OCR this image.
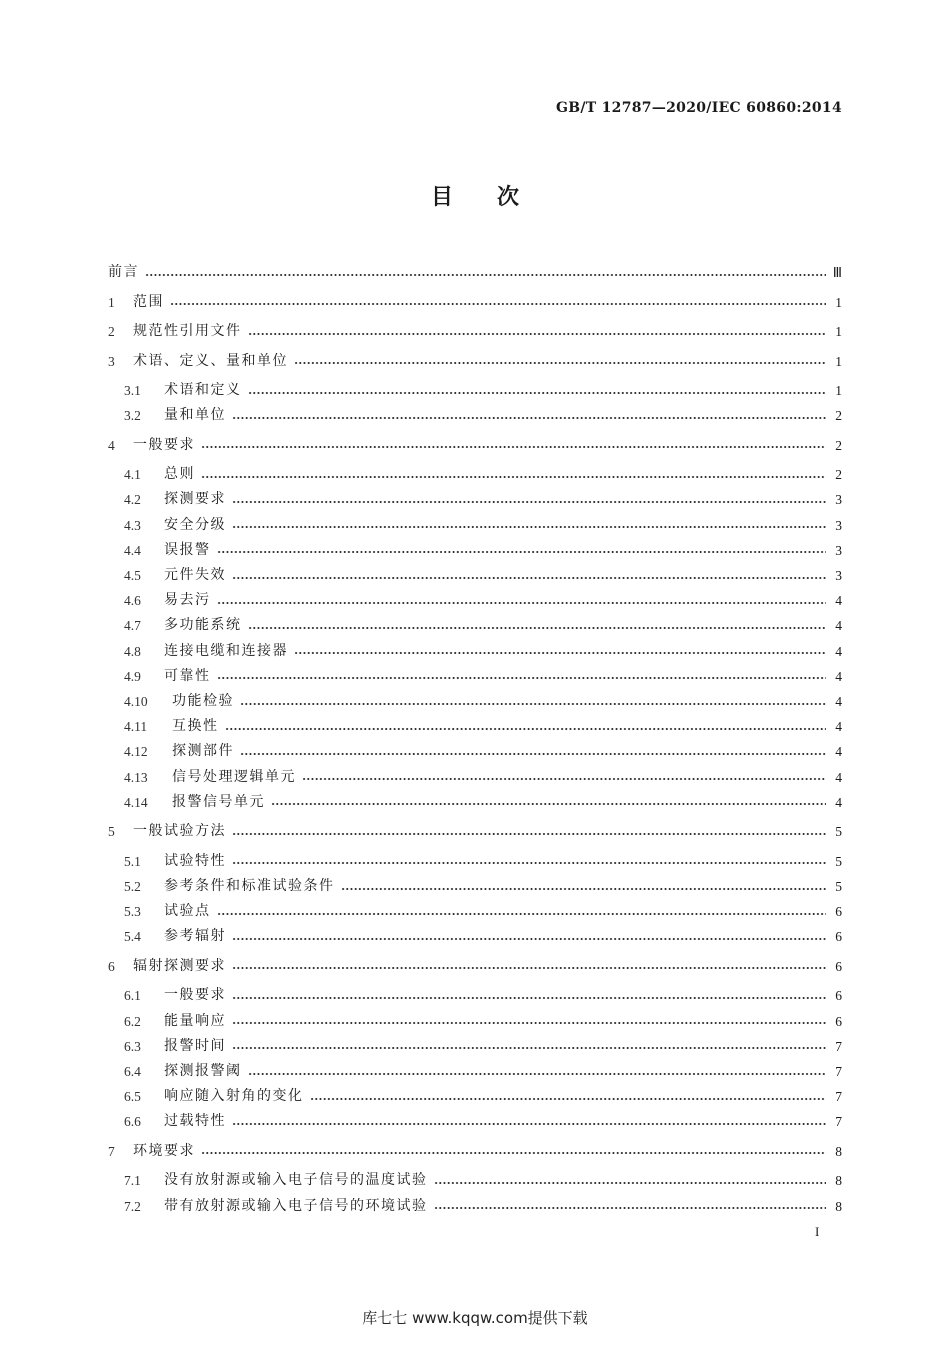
GB/T 12787—2020/IEC 60860:2014
目次
前言	Ⅲ
1	范围	1
2	规范性引用文件	1
3	术语、定义、量和单位	1
3.1	术语和定义	1
3.2	量和单位	2
4	一般要求	2
4.1	总则	2
4.2	探测要求	3
4.3	安全分级	3
4.4	误报警	3
4.5	元件失效	3
4.6	易去污	4
4.7	多功能系统	4
4.8	连接电缆和连接器	4
4.9	可靠性	4
4.10	功能检验	4
4.11	互换性	4
4.12	探测部件	4
4.13	信号处理逻辑单元	4
4.14	报警信号单元	4
5	一般试验方法	5
5.1	试验特性	5
5.2	参考条件和标准试验条件	5
5.3	试验点	6
5.4	参考辐射	6
6	辐射探测要求	6
6.1	一般要求	6
6.2	能量响应	6
6.3	报警时间	7
6.4	探测报警阈	7
6.5	响应随入射角的变化	7
6.6	过载特性	7
7	环境要求	8
7.1	没有放射源或输入电子信号的温度试验	8
7.2	带有放射源或输入电子信号的环境试验	8
I
库七七 www.kqqw.com提供下载
